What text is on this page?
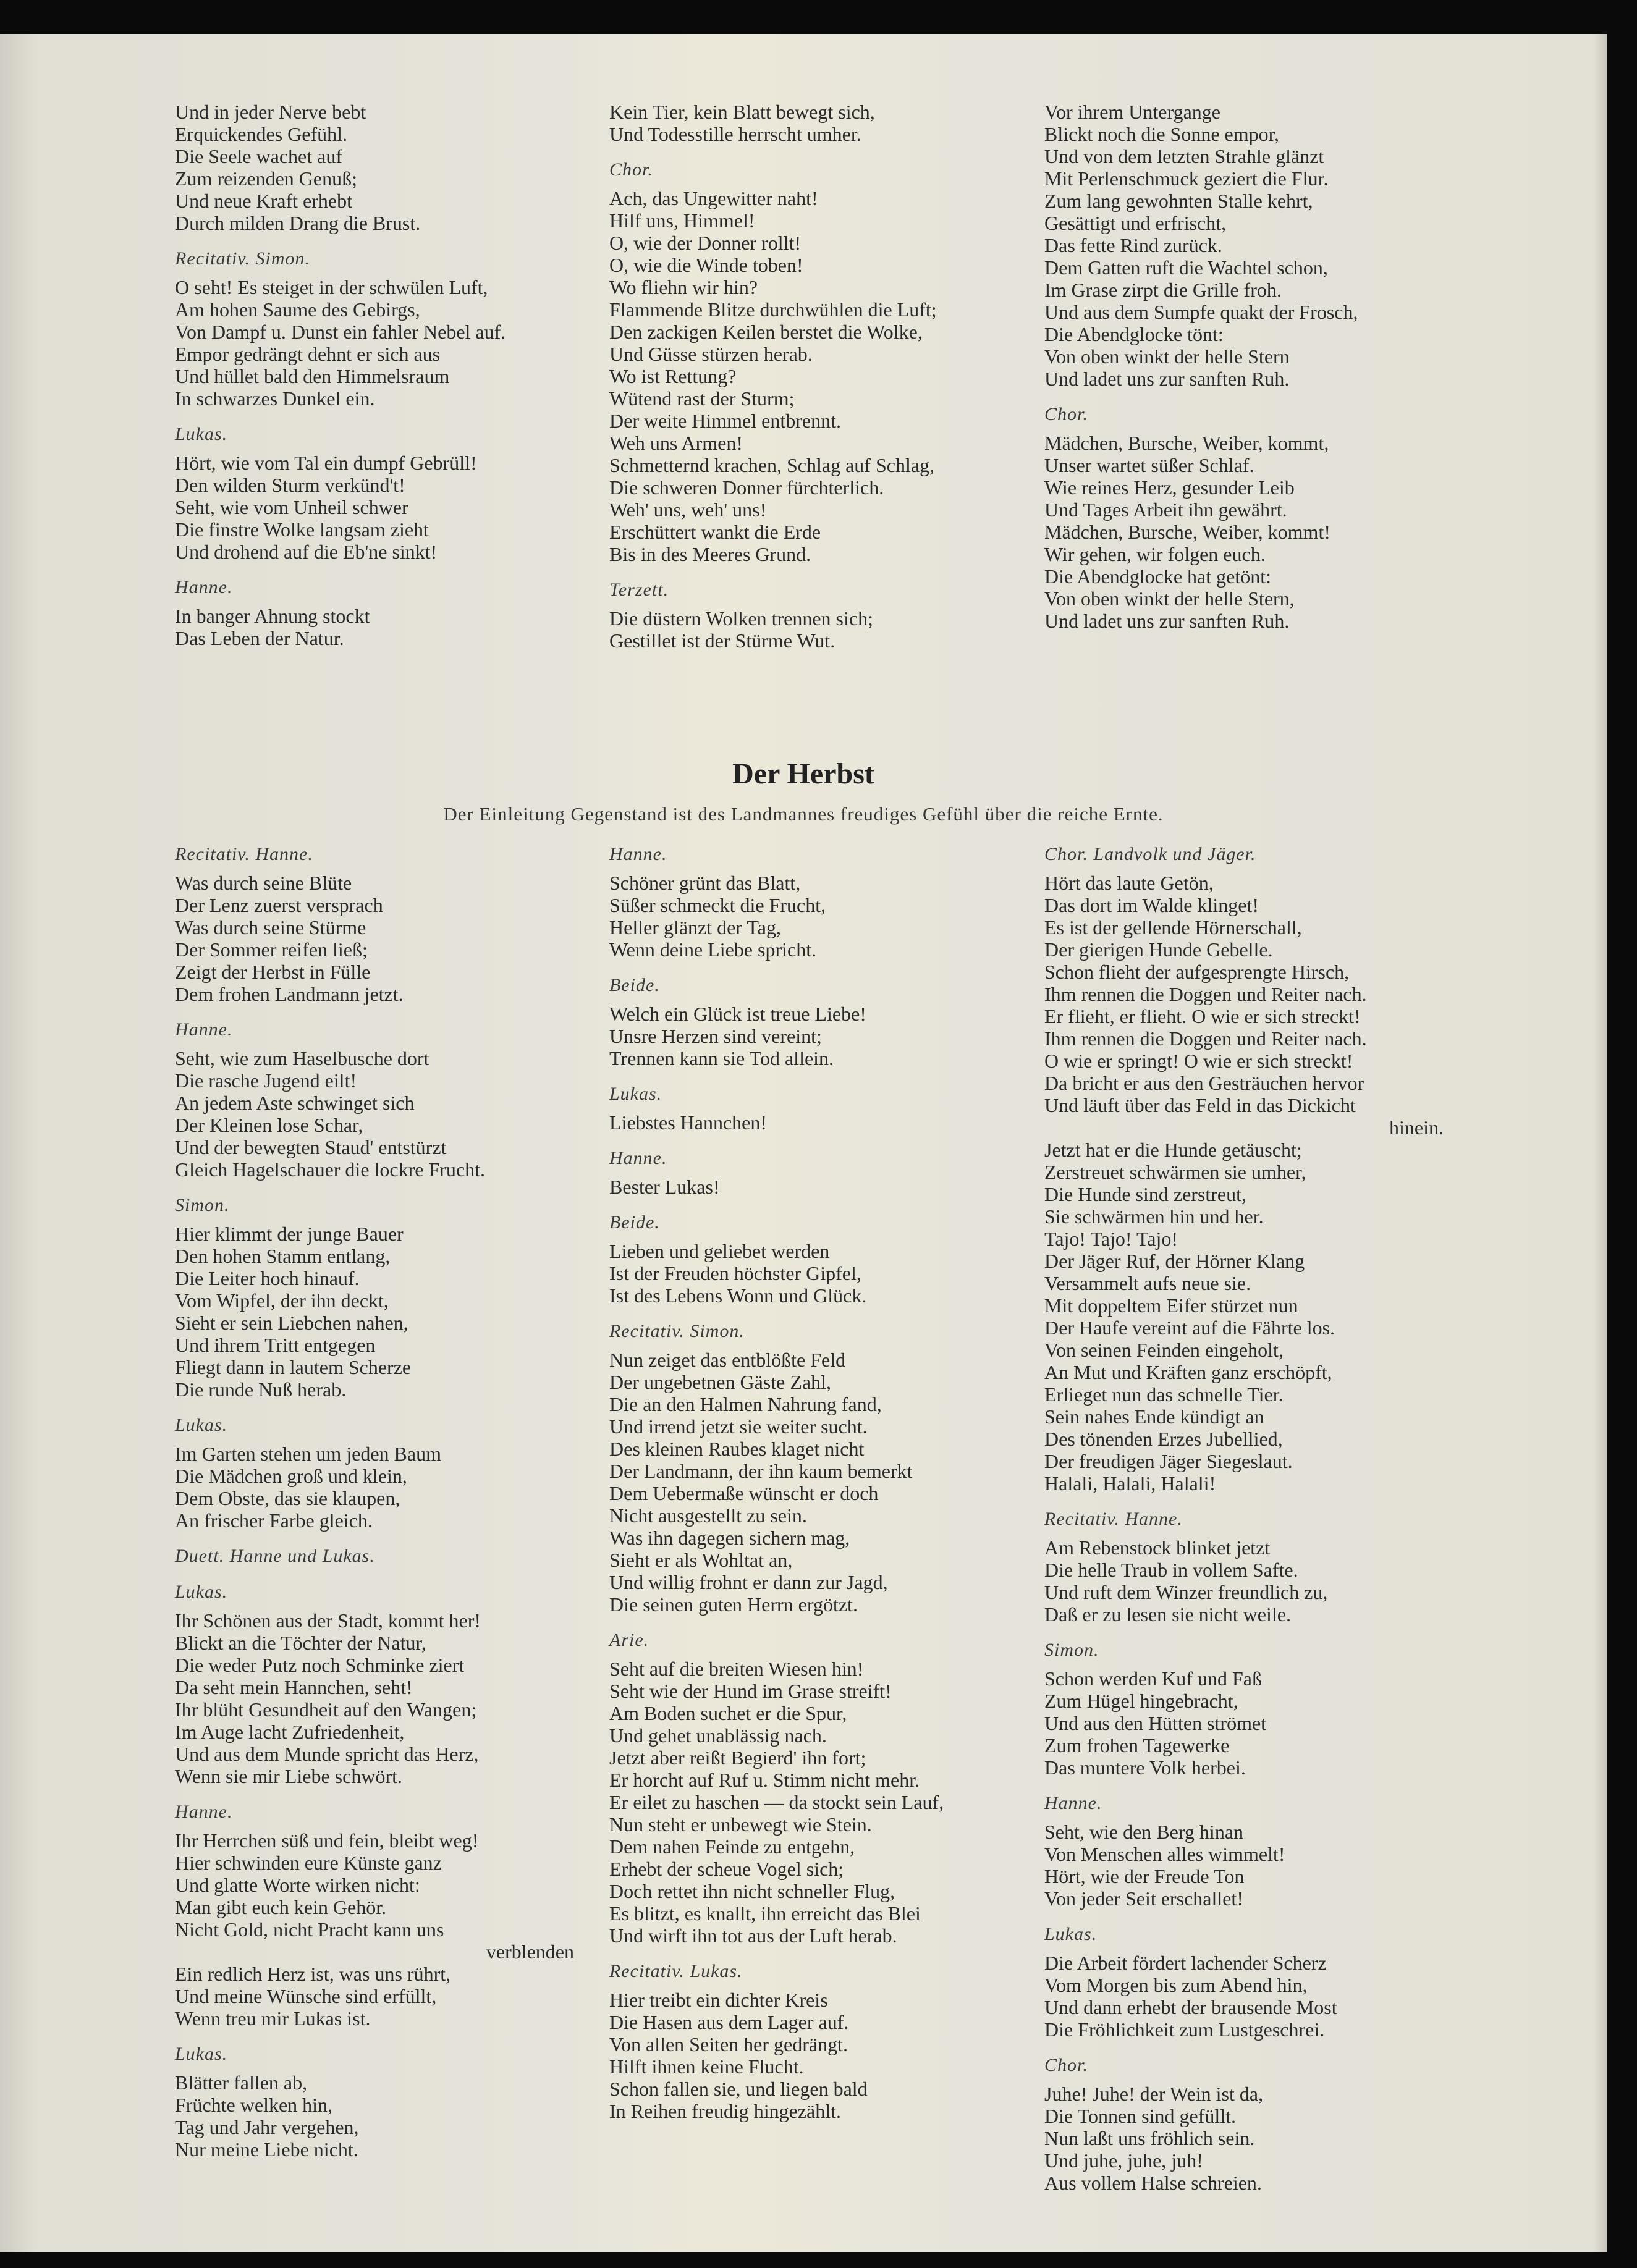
Und in jeder Nerve bebt
Erquickendes Gefühl.
Die Seele wachet auf
Zum reizenden Genuß;
Und neue Kraft erhebt
Durch milden Drang die Brust.
Recitativ. Simon.
O seht! Es steiget in der schwülen Luft,
Am hohen Saume des Gebirgs,
Von Dampf u. Dunst ein fahler Nebel auf.
Empor gedrängt dehnt er sich aus
Und hüllet bald den Himmelsraum
In schwarzes Dunkel ein.
Lukas.
Hört, wie vom Tal ein dumpf Gebrüll!
Den wilden Sturm verkünd't!
Seht, wie vom Unheil schwer
Die finstre Wolke langsam zieht
Und drohend auf die Eb'ne sinkt!
Hanne.
In banger Ahnung stockt
Das Leben der Natur.
Kein Tier, kein Blatt bewegt sich,
Und Todesstille herrscht umher.
Chor.
Ach, das Ungewitter naht!
Hilf uns, Himmel!
O, wie der Donner rollt!
O, wie die Winde toben!
Wo fliehn wir hin?
Flammende Blitze durchwühlen die Luft;
Den zackigen Keilen berstet die Wolke,
Und Güsse stürzen herab.
Wo ist Rettung?
Wütend rast der Sturm;
Der weite Himmel entbrennt.
Weh uns Armen!
Schmetternd krachen, Schlag auf Schlag,
Die schweren Donner fürchterlich.
Weh' uns, weh' uns!
Erschüttert wankt die Erde
Bis in des Meeres Grund.
Terzett.
Die düstern Wolken trennen sich;
Gestillet ist der Stürme Wut.
Vor ihrem Untergange
Blickt noch die Sonne empor,
Und von dem letzten Strahle glänzt
Mit Perlenschmuck geziert die Flur.
Zum lang gewohnten Stalle kehrt,
Gesättigt und erfrischt,
Das fette Rind zurück.
Dem Gatten ruft die Wachtel schon,
Im Grase zirpt die Grille froh.
Und aus dem Sumpfe quakt der Frosch,
Die Abendglocke tönt:
Von oben winkt der helle Stern
Und ladet uns zur sanften Ruh.
Chor.
Mädchen, Bursche, Weiber, kommt,
Unser wartet süßer Schlaf.
Wie reines Herz, gesunder Leib
Und Tages Arbeit ihn gewährt.
Mädchen, Bursche, Weiber, kommt!
Wir gehen, wir folgen euch.
Die Abendglocke hat getönt:
Von oben winkt der helle Stern,
Und ladet uns zur sanften Ruh.
Der Herbst
Der Einleitung Gegenstand ist des Landmannes freudiges Gefühl über die reiche Ernte.
Recitativ. Hanne.
Was durch seine Blüte
Der Lenz zuerst versprach
Was durch seine Stürme
Der Sommer reifen ließ;
Zeigt der Herbst in Fülle
Dem frohen Landmann jetzt.
Hanne.
Seht, wie zum Haselbusche dort
Die rasche Jugend eilt!
An jedem Aste schwinget sich
Der Kleinen lose Schar,
Und der bewegten Staud' entstürzt
Gleich Hagelschauer die lockre Frucht.
Simon.
Hier klimmt der junge Bauer
Den hohen Stamm entlang,
Die Leiter hoch hinauf.
Vom Wipfel, der ihn deckt,
Sieht er sein Liebchen nahen,
Und ihrem Tritt entgegen
Fliegt dann in lautem Scherze
Die runde Nuß herab.
Lukas.
Im Garten stehen um jeden Baum
Die Mädchen groß und klein,
Dem Obste, das sie klaupen,
An frischer Farbe gleich.
Duett. Hanne und Lukas.
Lukas.
Ihr Schönen aus der Stadt, kommt her!
Blickt an die Töchter der Natur,
Die weder Putz noch Schminke ziert
Da seht mein Hannchen, seht!
Ihr blüht Gesundheit auf den Wangen;
Im Auge lacht Zufriedenheit,
Und aus dem Munde spricht das Herz,
Wenn sie mir Liebe schwört.
Hanne.
Ihr Herrchen süß und fein, bleibt weg!
Hier schwinden eure Künste ganz
Und glatte Worte wirken nicht:
Man gibt euch kein Gehör.
Nicht Gold, nicht Pracht kann uns
verblenden
Ein redlich Herz ist, was uns rührt,
Und meine Wünsche sind erfüllt,
Wenn treu mir Lukas ist.
Lukas.
Blätter fallen ab,
Früchte welken hin,
Tag und Jahr vergehen,
Nur meine Liebe nicht.
Hanne.
Schöner grünt das Blatt,
Süßer schmeckt die Frucht,
Heller glänzt der Tag,
Wenn deine Liebe spricht.
Beide.
Welch ein Glück ist treue Liebe!
Unsre Herzen sind vereint;
Trennen kann sie Tod allein.
Lukas.
Liebstes Hannchen!
Hanne.
Bester Lukas!
Beide.
Lieben und geliebet werden
Ist der Freuden höchster Gipfel,
Ist des Lebens Wonn und Glück.
Recitativ. Simon.
Nun zeiget das entblößte Feld
Der ungebetnen Gäste Zahl,
Die an den Halmen Nahrung fand,
Und irrend jetzt sie weiter sucht.
Des kleinen Raubes klaget nicht
Der Landmann, der ihn kaum bemerkt
Dem Uebermaße wünscht er doch
Nicht ausgestellt zu sein.
Was ihn dagegen sichern mag,
Sieht er als Wohltat an,
Und willig frohnt er dann zur Jagd,
Die seinen guten Herrn ergötzt.
Arie.
Seht auf die breiten Wiesen hin!
Seht wie der Hund im Grase streift!
Am Boden suchet er die Spur,
Und gehet unablässig nach.
Jetzt aber reißt Begierd' ihn fort;
Er horcht auf Ruf u. Stimm nicht mehr.
Er eilet zu haschen — da stockt sein Lauf,
Nun steht er unbewegt wie Stein.
Dem nahen Feinde zu entgehn,
Erhebt der scheue Vogel sich;
Doch rettet ihn nicht schneller Flug,
Es blitzt, es knallt, ihn erreicht das Blei
Und wirft ihn tot aus der Luft herab.
Recitativ. Lukas.
Hier treibt ein dichter Kreis
Die Hasen aus dem Lager auf.
Von allen Seiten her gedrängt.
Hilft ihnen keine Flucht.
Schon fallen sie, und liegen bald
In Reihen freudig hingezählt.
Chor. Landvolk und Jäger.
Hört das laute Getön,
Das dort im Walde klinget!
Es ist der gellende Hörnerschall,
Der gierigen Hunde Gebelle.
Schon flieht der aufgesprengte Hirsch,
Ihm rennen die Doggen und Reiter nach.
Er flieht, er flieht. O wie er sich streckt!
Ihm rennen die Doggen und Reiter nach.
O wie er springt! O wie er sich streckt!
Da bricht er aus den Gesträuchen hervor
Und läuft über das Feld in das Dickicht
hinein.
Jetzt hat er die Hunde getäuscht;
Zerstreuet schwärmen sie umher,
Die Hunde sind zerstreut,
Sie schwärmen hin und her.
Tajo! Tajo! Tajo!
Der Jäger Ruf, der Hörner Klang
Versammelt aufs neue sie.
Mit doppeltem Eifer stürzet nun
Der Haufe vereint auf die Fährte los.
Von seinen Feinden eingeholt,
An Mut und Kräften ganz erschöpft,
Erlieget nun das schnelle Tier.
Sein nahes Ende kündigt an
Des tönenden Erzes Jubellied,
Der freudigen Jäger Siegeslaut.
Halali, Halali, Halali!
Recitativ. Hanne.
Am Rebenstock blinket jetzt
Die helle Traub in vollem Safte.
Und ruft dem Winzer freundlich zu,
Daß er zu lesen sie nicht weile.
Simon.
Schon werden Kuf und Faß
Zum Hügel hingebracht,
Und aus den Hütten strömet
Zum frohen Tagewerke
Das muntere Volk herbei.
Hanne.
Seht, wie den Berg hinan
Von Menschen alles wimmelt!
Hört, wie der Freude Ton
Von jeder Seit erschallet!
Lukas.
Die Arbeit fördert lachender Scherz
Vom Morgen bis zum Abend hin,
Und dann erhebt der brausende Most
Die Fröhlichkeit zum Lustgeschrei.
Chor.
Juhe! Juhe! der Wein ist da,
Die Tonnen sind gefüllt.
Nun laßt uns fröhlich sein.
Und juhe, juhe, juh!
Aus vollem Halse schreien.
